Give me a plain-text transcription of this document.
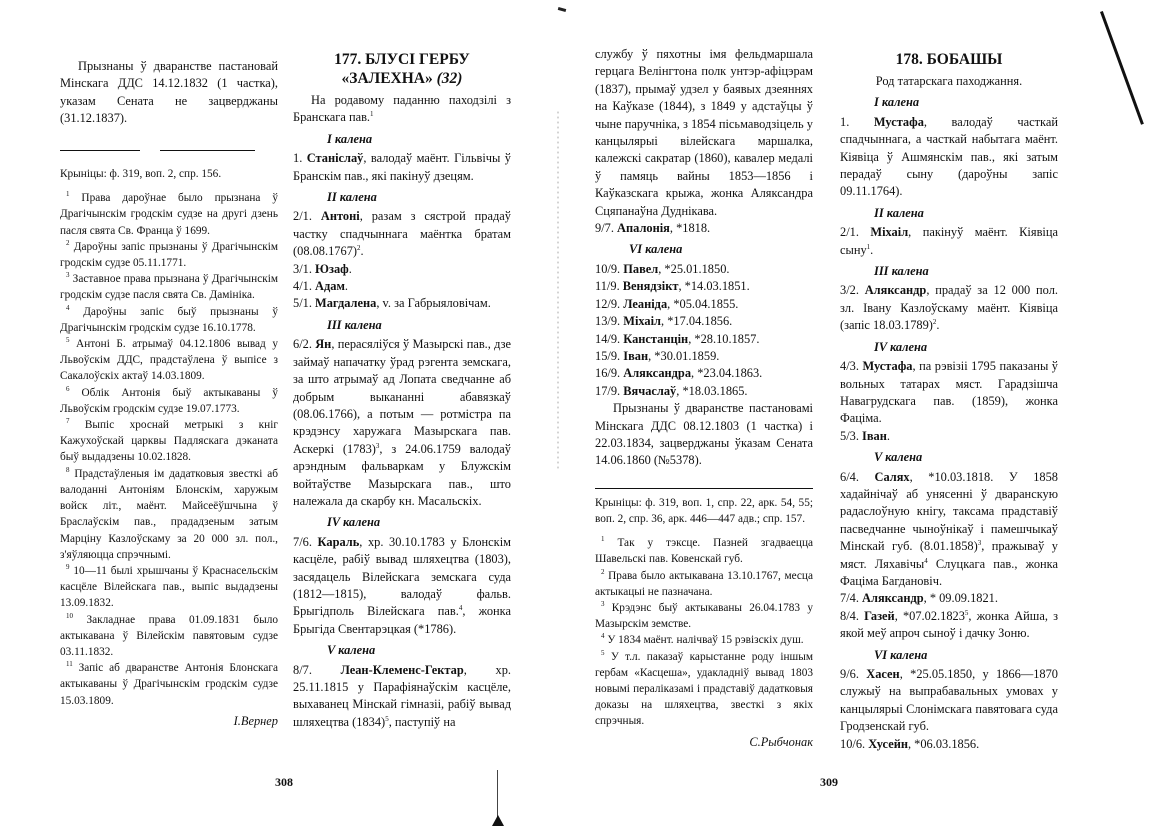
Прызнаны ў дваранстве пастановай Мінскага ДДС 14.12.1832 (1 частка), указам Сената не зацверджаны (31.12.1837).

Крыніцы: ф. 319, воп. 2, спр. 156.

$^1$ Права дароўнае было прызнана ў Драгічынскім гродскім судзе на другі дзень пасля свята Св. Франца ў 1699.

$^2$ Дароўны запіс прызнаны ў Драгічынскім гродскім судзе 05.11.1771.

$^3$ Заставное права прызнана ў Драгічынскім гродскім судзе пасля свята Св. Дамініка.

$^4$ Дароўны запіс быў прызнаны ў Драгічынскім гродскім судзе 16.10.1778.

$^5$ Антоні Б. атрымаў 04.12.1806 вывад у Львоўскім ДДС, прадстаўлена ў выпісе з Сакалоўскіх актаў 14.03.1809.

$^6$ Облік Антонія быў актыкаваны ў Львоўскім гродскім судзе 19.07.1773.

$^7$ Выпіс хроснай метрыкі з кніг Кажухоўскай царквы Падляскага дэканата быў выдадзены 10.02.1828.

$^8$ Прадстаўленыя ім дадатковыя звесткі аб валоданні Антоніям Блонскім, харужым войск літ., маёнт. Майсеёўшчына ў Браслаўскім пав., прададзеным затым Марціну Казлоўскаму за 20 000 зл. пол., з'яўляюцца спрэчнымі.

$^9$ 10—11 былі хрышчаны ў Краснасельскім касцёле Вілейскага пав., выпіс выдадзены 13.09.1832.

$^{10}$ Закладнае права 01.09.1831 было актыкавана ў Вілейскім павятовым судзе 03.11.1832.

$^{11}$ Запіс аб дваранстве Антонія Блонскага актыкаваны ў Драгічынскім гродскім судзе 15.03.1809.

І.Вернер

177. БЛУСІ ГЕРБУ
«ЗАЛЕХНА» (32)

На родавому паданню паходзілі з Бранскага пав.$^1$

I калена

1. Станіслаў, валодаў маёнт. Гільвічы ў Бранскім пав., які пакінуў дзецям.

II калена

2/1. Антоні, разам з сястрой прадаў частку спадчыннага маёнтка братам $(08.08.1767)^2$.

3/1. Юзаф.

4/1. Адам.

5/1. Магдалена, v. за Габрыяловічам.

III калена

6/2. Ян, перасяліўся ў Мазырскі пав., дзе займаў напачатку ўрад рэгента земскага, за што атрымаў ад Лопата сведчанне аб добрым выкананні абавязкаў (08.06.1766), а потым — ротмістра па крэдэнсу харужага Мазырскага пав. Аскеркі $(1783)^3$, з 24.06.1759 валодаў арэндным фальваркам у Блужскім войтаўстве Мазырскага пав., што належала да скарбу кн. Масальскіх.

IV калена

7/6. Караль, хр. 30.10.1783 у Блонскім касцёле, рабіў вывад шляхецтва (1803), засядацель Вілейскага земскага суда (1812—1815), валодаў фальв. Брыгідполь Вілейскага пав.$^4$, жонка Брыгіда Свентарэцкая (*1786).

V калена

8/7. Леан-Клеменс-Гектар, хр. 25.11.1815 у Парафіянаўскім касцёле, выхаванец Мінскай гімназіі, рабіў вывад шляхецтва $(1834)^5$, паступіў на

308

службу ў пяхотны імя фельдмаршала герцага Велінгтона полк унтэр-афіцэрам (1837), прымаў удзел у баявых дзеяннях на Каўказе (1844), з 1849 у адстаўцы ў чыне паручніка, з 1854 пісьмаводзіцель у канцылярыі вілейскага маршалка, калежскі сакратар (1860), кавалер медалі ў памяць вайны 1853—1856 і Каўказскага крыжа, жонка Аляксандра Сцяпанаўна Дуднікава.

9/7. Апалонія, *1818.

VI калена

10/9. Павел, *25.01.1850.

11/9. Венядзікт, *14.03.1851.

12/9. Леаніда, *05.04.1855.

13/9. Міхаіл, *17.04.1856.

14/9. Канстанцін, *28.10.1857.

15/9. Іван, *30.01.1859.

16/9. Аляксандра, *23.04.1863.

17/9. Вячаслаў, *18.03.1865.

Прызнаны ў дваранстве пастановамі Мінскага ДДС 08.12.1803 (1 частка) і 22.03.1834, зацверджаны ўказам Сената 14.06.1860 (№5378).

Крыніцы: ф. 319, воп. 1, спр. 22, арк. 54, 55; воп. 2, спр. 36, арк. 446—447 адв.; спр. 157.

$^1$ Так у тэксце. Пазней згадваецца Шавельскі пав. Ковенскай губ.

$^2$ Права было актыкавана 13.10.1767, месца актыкацыі не пазначана.

$^3$ Крэдэнс быў актыкаваны 26.04.1783 у Мазырскім земстве.

$^4$ У 1834 маёнт. налічваў 15 рэвізскіх душ.

$^5$ У т.л. паказаў карыстанне роду іншым гербам «Касцеша», удакладніў вывад 1803 новымі пераліказамі і прадставіў дадатковыя доказы на шляхецтва, звесткі з якіх спрэчныя.

С.Рыбчонак

178. БОБАШЫ

Род татарскага паходжання.

I калена

1. Мустафа, валодаў часткай спадчыннага, а часткай набытага маёнт. Кіявіца ў Ашмянскім пав., які затым перадаў сыну (дароўны запіс 09.11.1764).

II калена

2/1. Міхаіл, пакінуў маёнт. Кіявіца сыну$^1$.

III калена

3/2. Аляксандр, прадаў за 12 000 пол. зл. Івану Казлоўскаму маёнт. Кіявіца (запіс 18.03.1789)$^2$.

IV калена

4/3. Мустафа, па рэвізіі 1795 паказаны ў вольных татарах мяст. Гарадзішча Навагрудскага пав. (1859), жонка Фаціма.

5/3. Іван.

V калена

6/4. Салях, *10.03.1818. У 1858 хадайнічаў аб унясенні ў дваранскую радаслоўную кнігу, таксама прадставіў пасведчанне чыноўнікаў і памешчыкаў Мінскай губ. $(8.01.1858)^3$, пражываў у мяст. Ляхавічы$^4$ Слуцкага пав., жонка Фаціма Багдановіч.

7/4. Аляксандр, * 09.09.1821.

8/4. Газей, *07.02.1823$^5$, жонка Айша, з якой меў апроч сыноў і дачку Зоню.

VI калена

9/6. Хасен, *25.05.1850, у 1866—1870 служыў на выпрабавальных умовах у канцылярыі Слонімскага павятовага суда Гродзенскай губ.

10/6. Хусейн, *06.03.1856.

309
